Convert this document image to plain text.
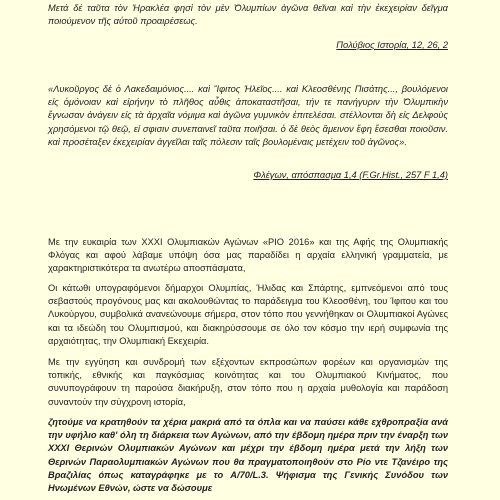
Μετά δέ ταῦτα τὸν Ἡρακλέα φησὶ τὸν μὲν Ὀλυμπίων ἀγῶνα θεῖναι καὶ τὴν ἐκεχειρίαν δεῖγμα ποιούμενον τῆς αὐτοῦ προαιρέσεως.

Πολύβιος Ιστορία, 12, 26, 2

«Λυκοῦργος δὲ ὁ Λακεδαιμόνιος.... καὶ Ἴφιτος Ἠλεῖος.... καὶ Κλεοσθένης Πισάτης..., βουλόμενοι εἰς ὁμόνοιαν καὶ εἰρήνην τὸ πλῆθος αὖθις ἀποκαταστῆσαι, τήν τε πανήγυριν τὴν Ὀλυμπικὴν ἔγνωσαν ἀνάγειν εἰς τὰ ἀρχαῖα νόμιμα καὶ ἀγῶνα γυμνικὸν ἐπιτελέσαι. στέλλονται δὴ εἰς Δελφοὺς χρησόμενοι τῷ θεῷ, εἰ σφισιν συνεπαινεῖ ταῦτα ποιῆσαι. ὁ δὲ θεὸς ἄμεινον ἔφη ἔσεσθαι ποιοῦσιν. καὶ προσέταξεν ἐκεχειρίαν ἀγγεῖλαι ταῖς πόλεσιν ταῖς βουλομέναις μετέχειν τοῦ ἀγῶνος».

Φλέγων, απόσπασμα 1,4 (F.Gr.Hist., 257 F 1,4)

Με την ευκαιρία των XXXI Ολυμπιακών Αγώνων «ΡΙΟ 2016» και της Αφής της Ολυμπιακής Φλόγας και αφού λάβαμε υπόψη όσα μας παραδίδει η αρχαία ελληνική γραμματεία, με χαρακτηριστικότερα τα ανωτέρω αποσπάσματα,

Οι κάτωθι υπογραφόμενοι δήμαρχοι Ολυμπίας, Ήλιδας και Σπάρτης, εμπνεόμενοι από τους σεβαστούς προγόνους μας και ακολουθώντας το παράδειγμα του Κλεοσθένη, του Ίφιτου και του Λυκούργου, συμβολικά ανανεώνουμε σήμερα, στον τόπο που γεννήθηκαν οι Ολυμπιακοί Αγώνες και τα ιδεώδη του Ολυμπισμού, και διακηρύσσουμε σε όλο τον κόσμο την ιερή συμφωνία της αρχαιότητας, την Ολυμπιακή Εκεχειρία.

Με την εγγύηση και συνδρομή των εξέχοντων εκπροσώπων φορέων και οργανισμών της τοπικής, εθνικής και παγκόσμιας κοινότητας και του Ολυμπιακού Κινήματος, που συνυπογράφουν τη παρούσα διακήρυξη, στον τόπο που η αρχαία μυθολογία και παράδοση συναντούν την σύγχρονη ιστορία,

ζητούμε να κρατηθούν τα χέρια μακριά από τα όπλα και να παύσει κάθε εχθροπραξία ανά την υφήλιο καθ' όλη τη διάρκεια των Αγώνων, από την έβδομη ημέρα πριν την έναρξη των XXXI Θερινών Ολυμπιακών Αγώνων και μέχρι την έβδομη ημέρα μετά την λήξη των Θερινών Παραολυμπιακών Αγώνων που θα πραγματοποιηθούν στο Ρίο ντε Τζανέιρο της Βραζιλίας όπως καταγράφηκε με το A/70/L.3. Ψήφισμα της Γενικής Συνόδου των Ηνωμένων Εθνών, ώστε να δώσουμε
